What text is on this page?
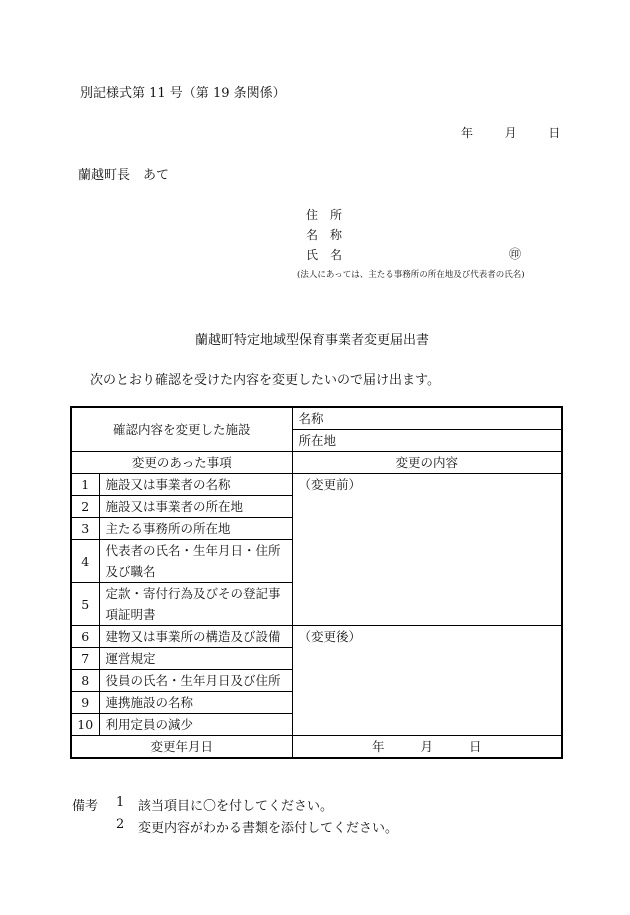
別記様式第 11 号（第 19 条関係）
年	月	日
蘭越町長　あて
住　所
名　称
氏　名	㊞
(法人にあっては、主たる事務所の所在地及び代表者の氏名)
蘭越町特定地域型保育事業者変更届出書
次のとおり確認を受けた内容を変更したいので届け出ます。
確認内容を変更した施設		名称
		所在地
変更のあった事項		変更の内容
1	施設又は事業者の名称	（変更前）
2	施設又は事業者の所在地	
3	主たる事務所の所在地	
4	代表者の氏名・生年月日・住所及び職名	
5	定款・寄付行為及びその登記事項証明書	
6	建物又は事業所の構造及び設備	（変更後）
7	運営規定	
8	役員の氏名・生年月日及び住所	
9	連携施設の名称	
10	利用定員の減少	
変更年月日		年 月 日
備考 1 該当項目に〇を付してください。
2 変更内容がわかる書類を添付してください。
